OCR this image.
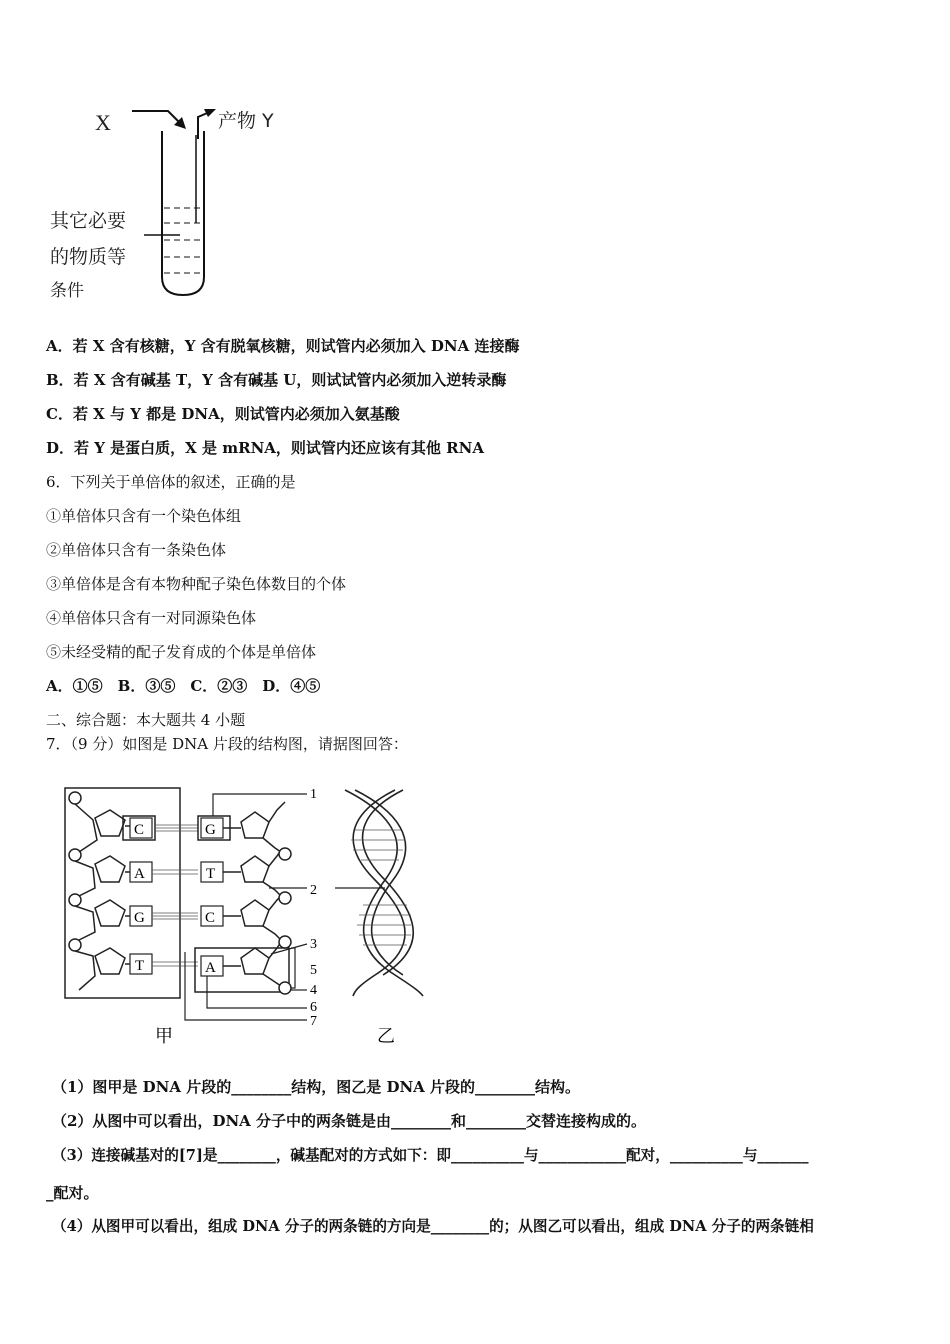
X	产物 Y
其它必要
的物质等
条件
A．若 X 含有核糖，Y 含有脱氧核糖，则试管内必须加入 DNA 连接酶
B．若 X 含有碱基 T，Y 含有碱基 U，则试试管内必须加入逆转录酶
C．若 X 与 Y 都是 DNA，则试管内必须加入氨基酸
D．若 Y 是蛋白质，X 是 mRNA，则试管内还应该有其他 RNA
6．下列关于单倍体的叙述，正确的是
①单倍体只含有一个染色体组
②单倍体只含有一条染色体
③单倍体是含有本物种配子染色体数目的个体
④单倍体只含有一对同源染色体
⑤未经受精的配子发育成的个体是单倍体
A．①⑤　B．③⑤　C．②③　D．④⑤
二、综合题：本大题共 4 小题
7．（9 分）如图是 DNA 片段的结构图，请据图回答：
C
A
G
T
G
T
C
A
1
2
3
4
5
6
7
甲	乙
（1）图甲是 DNA 片段的________结构，图乙是 DNA 片段的________结构。
（2）从图中可以看出，DNA 分子中的两条链是由________和________交替连接构成的。
（3）连接碱基对的[7]是________，碱基配对的方式如下：即__________与____________配对，__________与_______
_配对。
（4）从图甲可以看出，组成 DNA 分子的两条链的方向是________的；从图乙可以看出，组成 DNA 分子的两条链相
